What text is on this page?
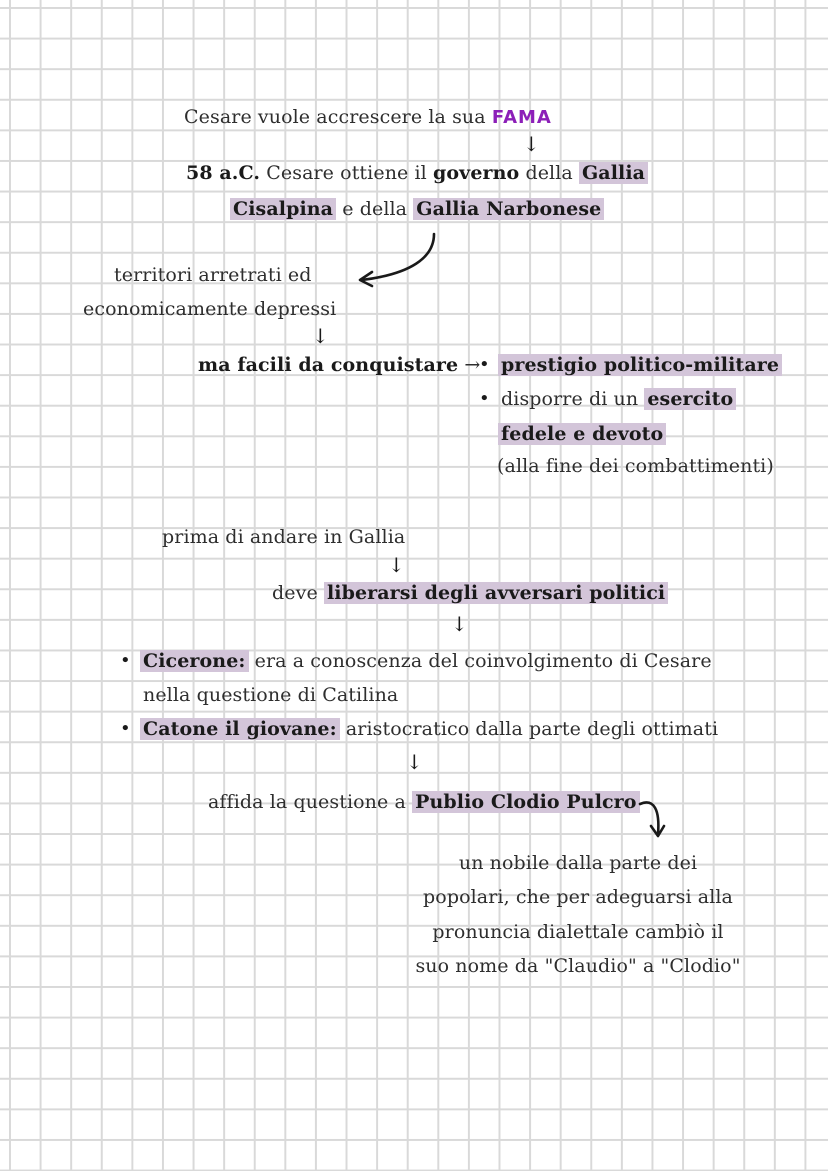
Cesare vuole accrescere la sua FAMA
↓
58 a.C. Cesare ottiene il governo della Gallia
Cisalpina e della Gallia Narbonese
territori arretrati ed
economicamente depressi
↓
ma facili da conquistare →
• prestigio politico-militare
• disporre di un esercito
fedele e devoto
(alla fine dei combattimenti)
prima di andare in Gallia
↓
deve liberarsi degli avversari politici
↓
• Cicerone: era a conoscenza del coinvolgimento di Cesare
nella questione di Catilina
• Catone il giovane: aristocratico dalla parte degli ottimati
↓
affida la questione a Publio Clodio Pulcro
un nobile dalla parte dei
popolari, che per adeguarsi alla
pronuncia dialettale cambiò il
suo nome da "Claudio" a "Clodio"
